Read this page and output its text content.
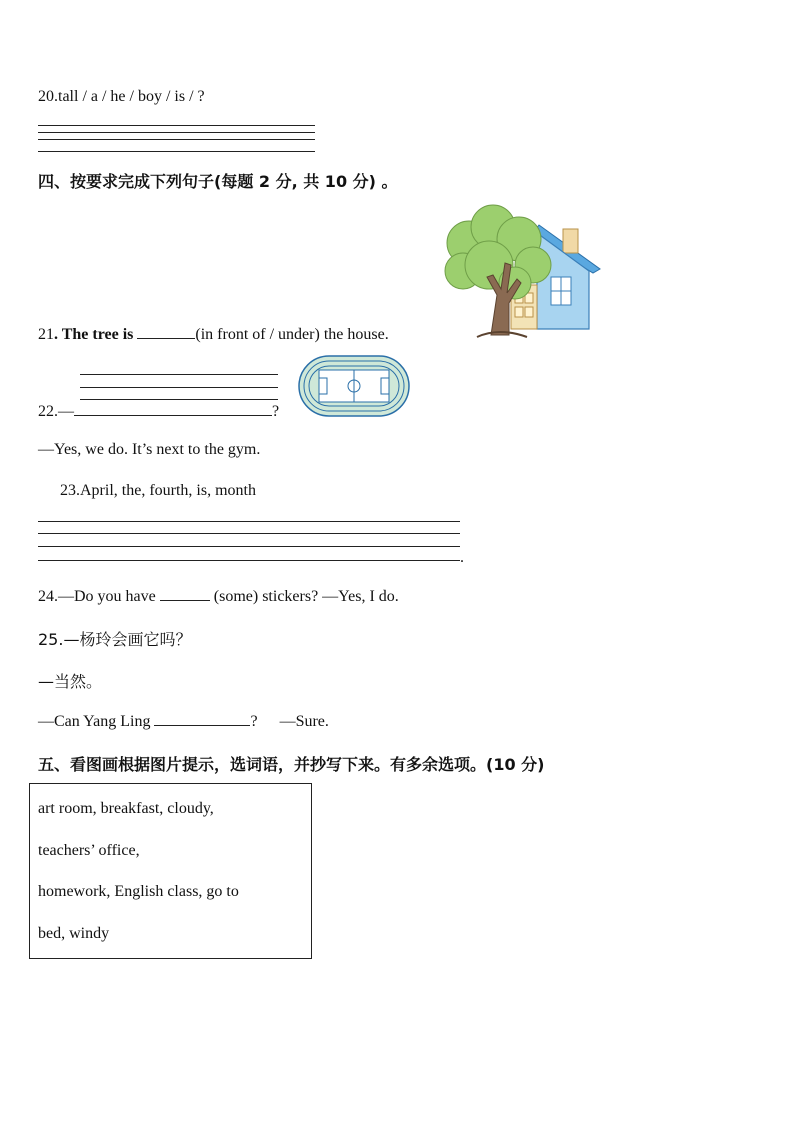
20.tall / a / he / boy / is / ?
四、按要求完成下列句子(每题 2 分, 共 10 分) 。
21. The tree is	(in front of / under) the house.
22.—	?
—Yes, we do. It’s next to the gym.
23.April, the, fourth, is, month
.
24.—Do you have	(some) stickers? —Yes, I do.
25.—杨玲会画它吗？
—当然。
—Can Yang Ling	? —Sure.
五、看图画根据图片提示，选词语，并抄写下来。有多余选项。(10 分)
art room, breakfast, cloudy,
teachers’ office,
homework, English class, go to
bed, windy
